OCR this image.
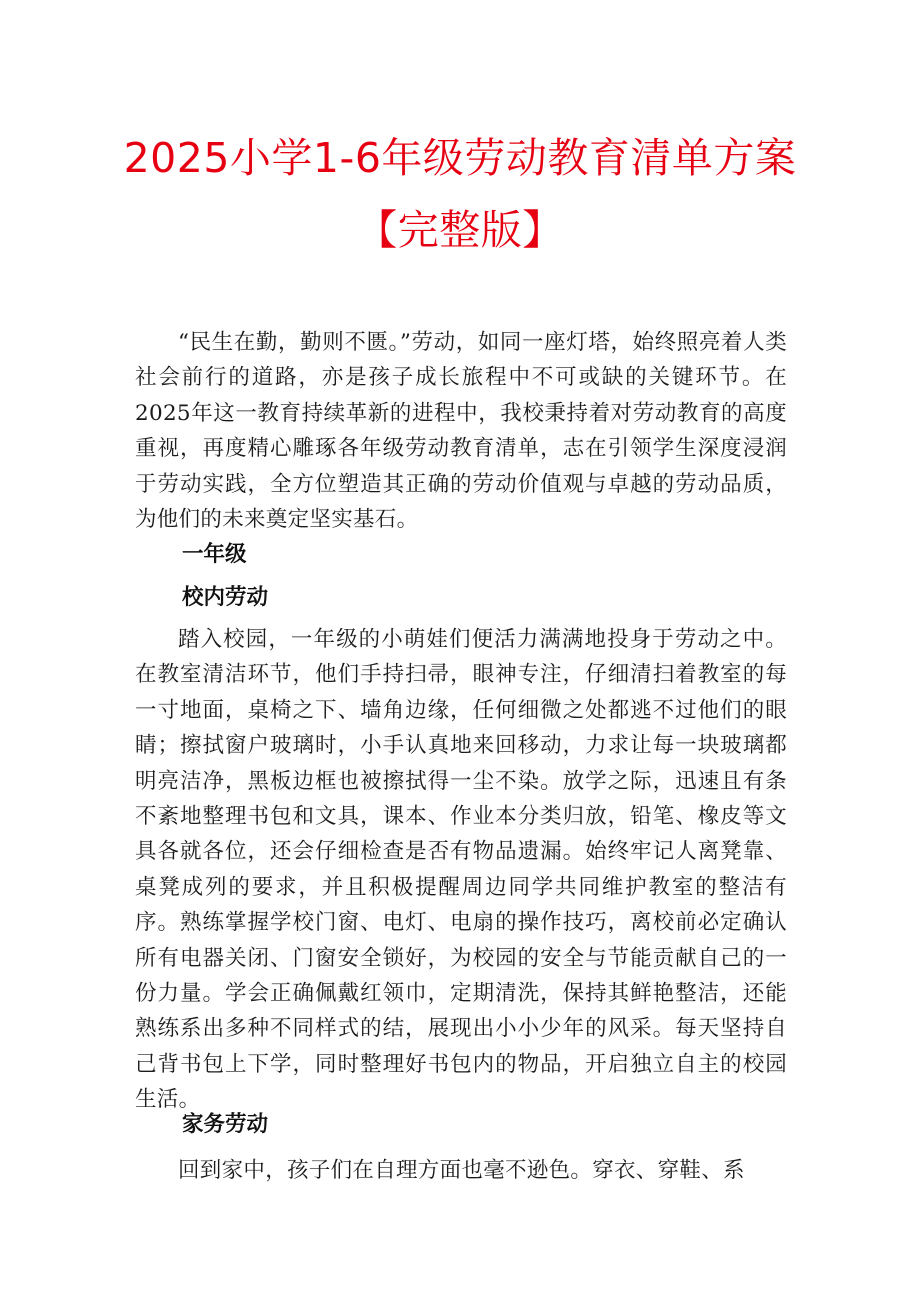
2025小学1-6年级劳动教育清单方案
【完整版】

“民生在勤，勤则不匮。”劳动，如同一座灯塔，始终照亮着人类社会前行的道路，亦是孩子成长旅程中不可或缺的关键环节。在2025年这一教育持续革新的进程中，我校秉持着对劳动教育的高度重视，再度精心雕琢各年级劳动教育清单，志在引领学生深度浸润于劳动实践，全方位塑造其正确的劳动价值观与卓越的劳动品质，为他们的未来奠定坚实基石。

一年级
校内劳动

踏入校园，一年级的小萌娃们便活力满满地投身于劳动之中。在教室清洁环节，他们手持扫帚，眼神专注，仔细清扫着教室的每一寸地面，桌椅之下、墙角边缘，任何细微之处都逃不过他们的眼睛；擦拭窗户玻璃时，小手认真地来回移动，力求让每一块玻璃都明亮洁净，黑板边框也被擦拭得一尘不染。放学之际，迅速且有条不紊地整理书包和文具，课本、作业本分类归放，铅笔、橡皮等文具各就各位，还会仔细检查是否有物品遗漏。始终牢记人离凳靠、桌凳成列的要求，并且积极提醒周边同学共同维护教室的整洁有序。熟练掌握学校门窗、电灯、电扇的操作技巧，离校前必定确认所有电器关闭、门窗安全锁好，为校园的安全与节能贡献自己的一份力量。学会正确佩戴红领巾，定期清洗，保持其鲜艳整洁，还能熟练系出多种不同样式的结，展现出小小少年的风采。每天坚持自己背书包上下学，同时整理好书包内的物品，开启独立自主的校园生活。

家务劳动

回到家中，孩子们在自理方面也毫不逊色。穿衣、穿鞋、系
